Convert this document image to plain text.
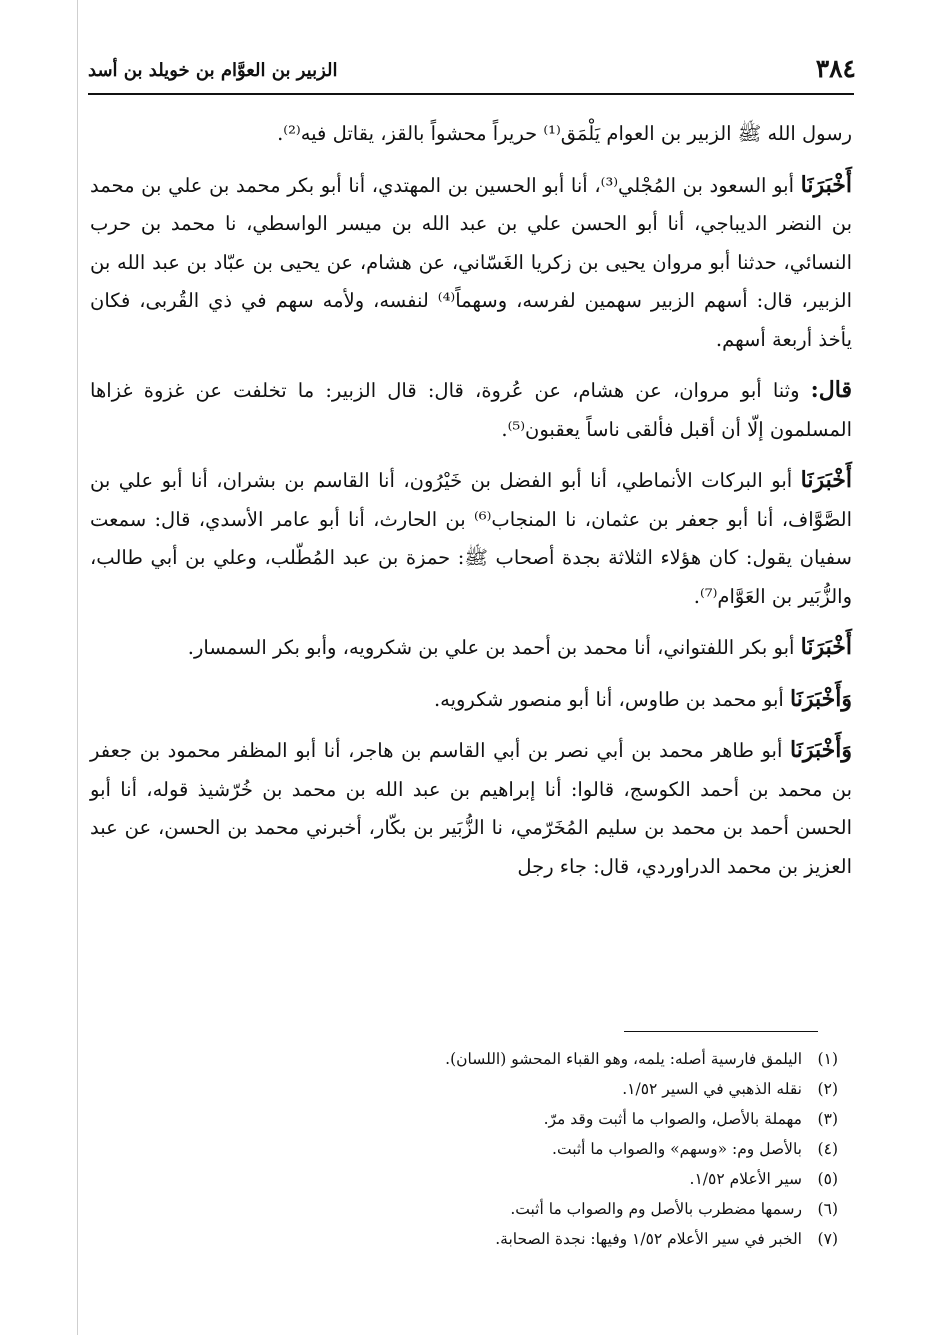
٣٨٤
الزبير بن العوَّام بن خويلد بن أسد

رسول الله ﷺ الزبير بن العوام يَلْمَق⁽¹⁾ حريراً محشواً بالقز، يقاتل فيه⁽²⁾.

أَخْبَرَنَا أبو السعود بن المُجْلي⁽³⁾، أنا أبو الحسين بن المهتدي، أنا أبو بكر محمد بن علي بن محمد بن النضر الديباجي، أنا أبو الحسن علي بن عبد الله بن ميسر الواسطي، نا محمد بن حرب النسائي، حدثنا أبو مروان يحيى بن زكريا الغَسّاني، عن هشام، عن يحيى بن عبّاد بن عبد الله بن الزبير، قال: أسهم الزبير سهمين لفرسه، وسهماً⁽⁴⁾ لنفسه، ولأمه سهم في ذي القُربى، فكان يأخذ أربعة أسهم.

قال: وثنا أبو مروان، عن هشام، عن عُروة، قال: قال الزبير: ما تخلفت عن غزوة غزاها المسلمون إلّا أن أقبل فألقى ناساً يعقبون⁽⁵⁾.

أَخْبَرَنَا أبو البركات الأنماطي، أنا أبو الفضل بن خَيْرُون، أنا القاسم بن بشران، أنا أبو علي بن الصَّوَّاف، أنا أبو جعفر بن عثمان، نا المنجاب⁽⁶⁾ بن الحارث، أنا أبو عامر الأسدي، قال: سمعت سفيان يقول: كان هؤلاء الثلاثة بجدة أصحاب ﷺ: حمزة بن عبد المُطّلب، وعلي بن أبي طالب، والزُّبَير بن العَوَّام⁽⁷⁾.

أَخْبَرَنَا أبو بكر اللفتواني، أنا محمد بن أحمد بن علي بن شكرويه، وأبو بكر السمسار.

وَأَخْبَرَنَا أبو محمد بن طاوس، أنا أبو منصور شكرويه.

وَأَخْبَرَنَا أبو طاهر محمد بن أبي نصر بن أبي القاسم بن هاجر، أنا أبو المظفر محمود بن جعفر بن محمد بن أحمد الكوسج، قالوا: أنا إبراهيم بن عبد الله بن محمد بن خُرّشيذ قوله، أنا أبو الحسن أحمد بن محمد بن سليم المُخَرّمي، نا الزُّبَير بن بكّار، أخبرني محمد بن الحسن، عن عبد العزيز بن محمد الدراوردي، قال: جاء رجل

(١)اليلمق فارسية أصله: يلمه، وهو القباء المحشو (اللسان).
(٢)نقله الذهبي في السير ١/٥٢.
(٣)مهملة بالأصل، والصواب ما أثبت وقد مرّ.
(٤)بالأصل وم: «وسهم» والصواب ما أثبت.
(٥)سير الأعلام ١/٥٢.
(٦)رسمها مضطرب بالأصل وم والصواب ما أثبت.
(٧)الخبر في سير الأعلام ١/٥٢ وفيها: نجدة الصحابة.
